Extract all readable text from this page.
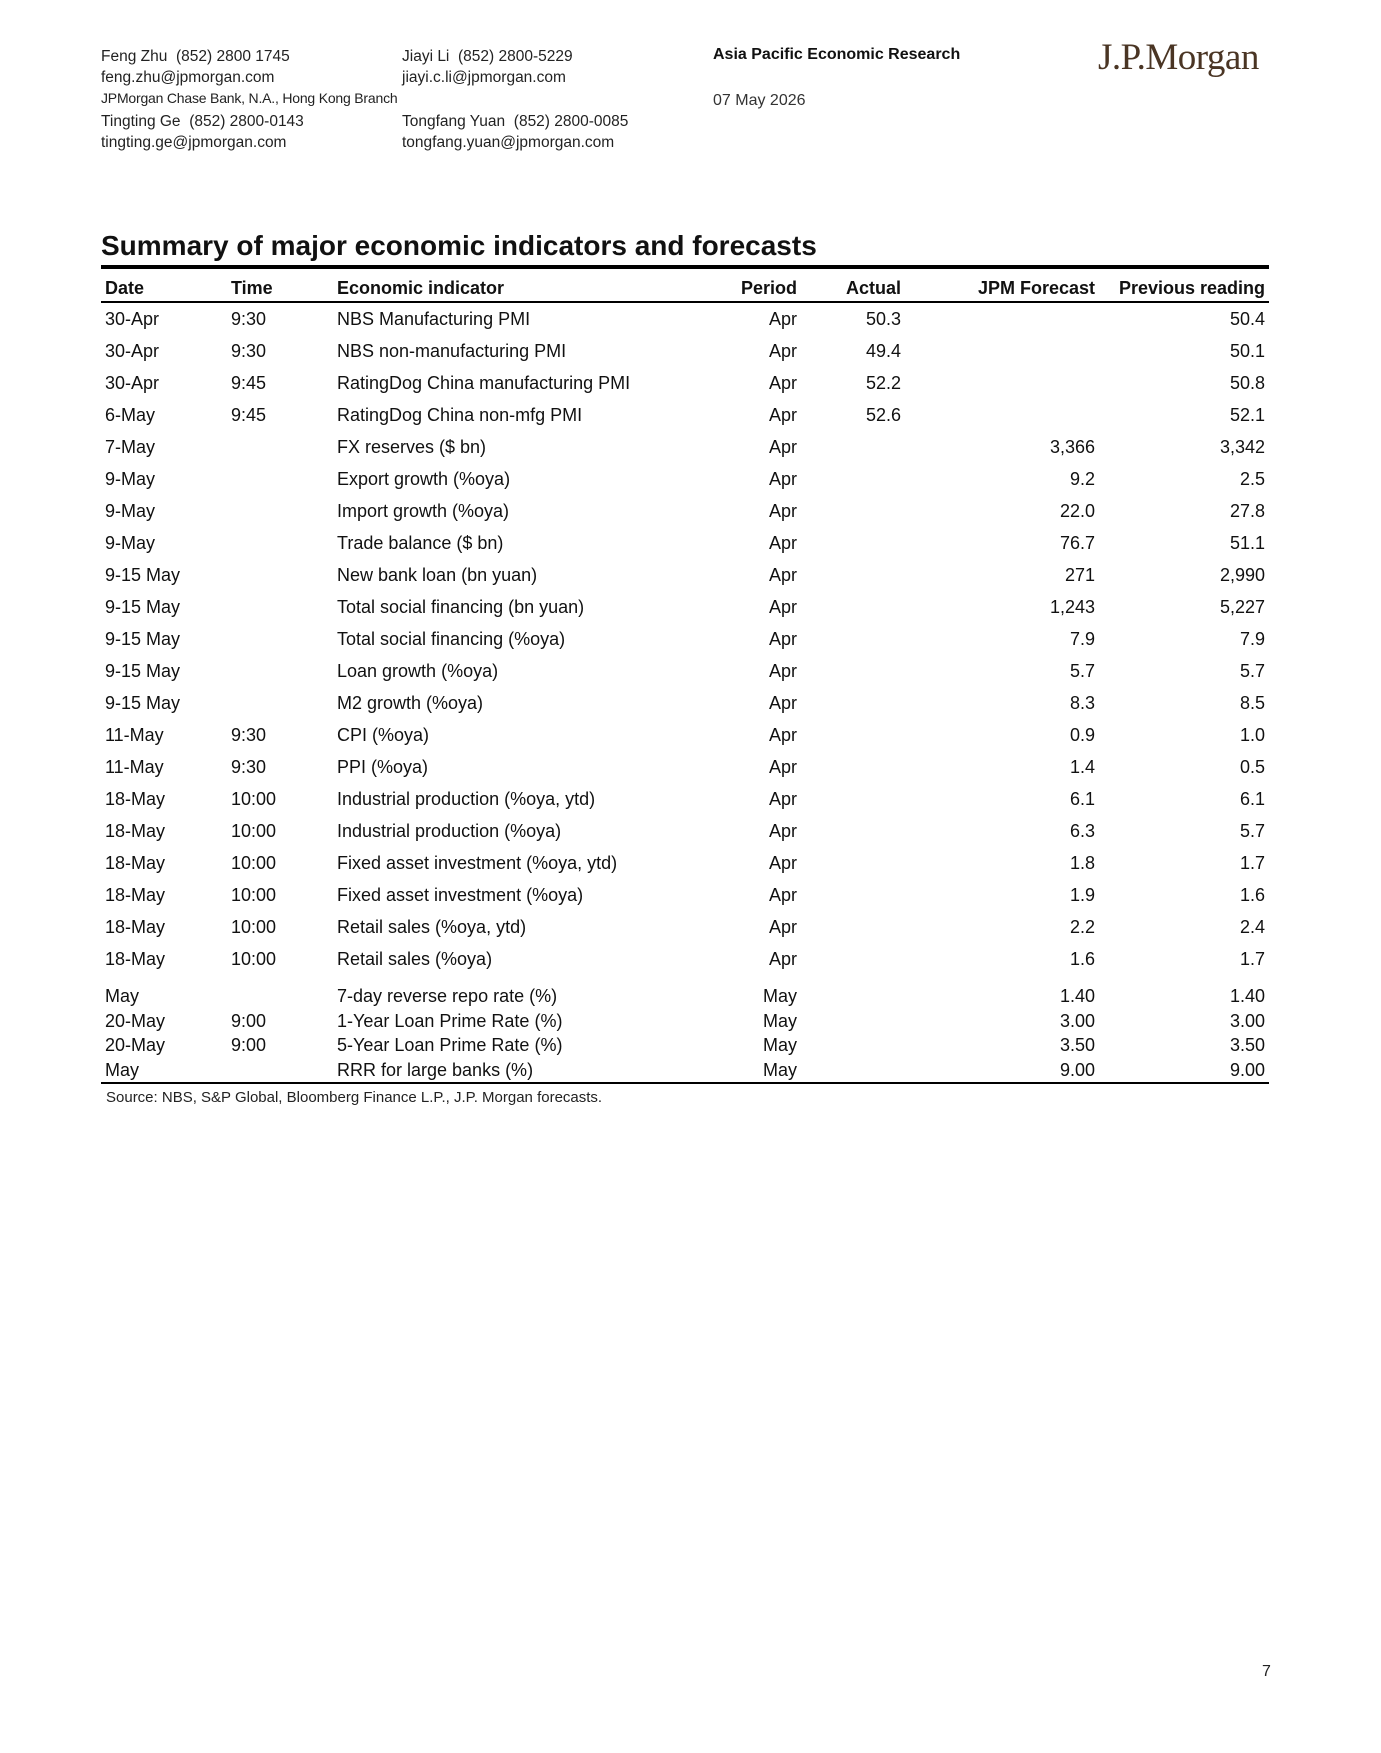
Feng Zhu (852) 2800 1745
feng.zhu@jpmorgan.com
JPMorgan Chase Bank, N.A., Hong Kong Branch
Jiayi Li (852) 2800-5229
jiayi.c.li@jpmorgan.com
Tingting Ge (852) 2800-0143
tingting.ge@jpmorgan.com
Tongfang Yuan (852) 2800-0085
tongfang.yuan@jpmorgan.com
Asia Pacific Economic Research
07 May 2026
J.P.Morgan
Summary of major economic indicators and forecasts
Date	Time	Economic indicator	Period	Actual	JPM Forecast	Previous reading
30-Apr	9:30	NBS Manufacturing PMI	Apr	50.3		50.4
30-Apr	9:30	NBS non-manufacturing PMI	Apr	49.4		50.1
30-Apr	9:45	RatingDog China manufacturing PMI	Apr	52.2		50.8
6-May	9:45	RatingDog China non-mfg PMI	Apr	52.6		52.1
7-May		FX reserves ($ bn)	Apr		3,366	3,342
9-May		Export growth (%oya)	Apr		9.2	2.5
9-May		Import growth (%oya)	Apr		22.0	27.8
9-May		Trade balance ($ bn)	Apr		76.7	51.1
9-15 May		New bank loan (bn yuan)	Apr		271	2,990
9-15 May		Total social financing (bn yuan)	Apr		1,243	5,227
9-15 May		Total social financing (%oya)	Apr		7.9	7.9
9-15 May		Loan growth (%oya)	Apr		5.7	5.7
9-15 May		M2 growth (%oya)	Apr		8.3	8.5
11-May	9:30	CPI (%oya)	Apr		0.9	1.0
11-May	9:30	PPI (%oya)	Apr		1.4	0.5
18-May	10:00	Industrial production (%oya, ytd)	Apr		6.1	6.1
18-May	10:00	Industrial production (%oya)	Apr		6.3	5.7
18-May	10:00	Fixed asset investment (%oya, ytd)	Apr		1.8	1.7
18-May	10:00	Fixed asset investment (%oya)	Apr		1.9	1.6
18-May	10:00	Retail sales (%oya, ytd)	Apr		2.2	2.4
18-May	10:00	Retail sales (%oya)	Apr		1.6	1.7
May		7-day reverse repo rate (%)	May		1.40	1.40
20-May	9:00	1-Year Loan Prime Rate (%)	May		3.00	3.00
20-May	9:00	5-Year Loan Prime Rate (%)	May		3.50	3.50
May		RRR for large banks (%)	May		9.00	9.00
Source: NBS, S&P Global, Bloomberg Finance L.P., J.P. Morgan forecasts.
7
